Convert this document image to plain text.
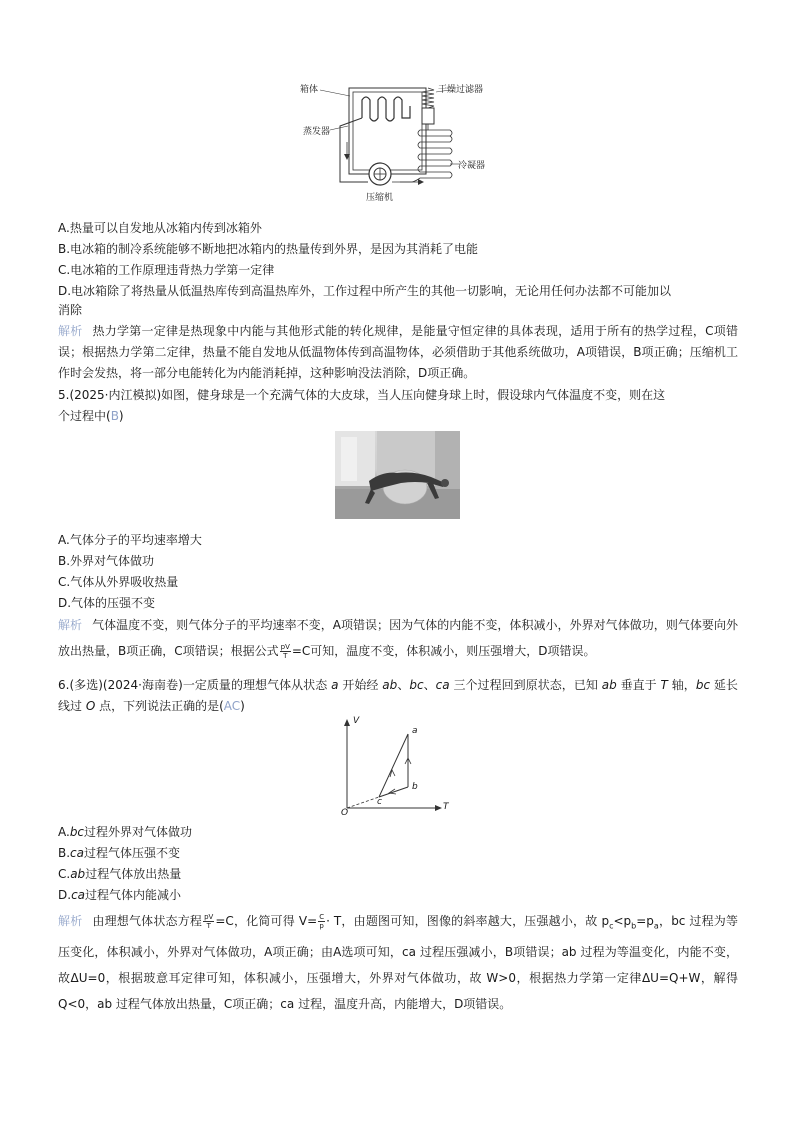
箱体	干燥过滤器
蒸发器
冷凝器
压缩机
A.热量可以自发地从冰箱内传到冰箱外
B.电冰箱的制冷系统能够不断地把冰箱内的热量传到外界，是因为其消耗了电能
C.电冰箱的工作原理违背热力学第一定律
D.电冰箱除了将热量从低温热库传到高温热库外，工作过程中所产生的其他一切影响，无论用任何办法都不可能加以
消除
解析 热力学第一定律是热现象中内能与其他形式能的转化规律，是能量守恒定律的具体表现，适用于所有的热学过程，C项错误；根据热力学第二定律，热量不能自发地从低温物体传到高温物体，必须借助于其他系统做功，A项错误，B项正确；压缩机工作时会发热，将一部分电能转化为内能消耗掉，这种影响没法消除，D项正确。
5.(2025·内江模拟)如图，健身球是一个充满气体的大皮球，当人压向健身球上时，假设球内气体温度不变，则在这
个过程中(B)
A.气体分子的平均速率增大
B.外界对气体做功
C.气体从外界吸收热量
D.气体的压强不变
解析 气体温度不变，则气体分子的平均速率不变，A项错误；因为气体的内能不变，体积减小，外界对气体做功，则气体要向外放出热量，B项正确，C项错误；根据公式 $\frac{pV}{T} =C$可知，温度不变，体积减小，则压强增大，D项错误。
6.(多选)(2024·海南卷)一定质量的理想气体从状态 a 开始经 ab、bc、ca 三个过程回到原状态，已知 ab 垂直于 T 轴，bc 延长线过 O 点，下列说法正确的是(AC)
V
T
O
a
b
c
A.bc过程外界对气体做功
B.ca过程气体压强不变
C.ab过程气体放出热量
D.ca过程气体内能减小
解析 由理想气体状态方程 $\frac{pV}{T} =C$，化简可得 $V= \frac{C}{p} \cdot T$，由题图可知，图像的斜率越大，压强越小，故 $p_c<p_b=p_a$，bc 过程为等压变化，体积减小，外界对气体做功，A项正确；由A选项可知，ca 过程压强减小，B项错误；ab 过程为等温变化，内能不变，故ΔU=0，根据玻意耳定律可知，体积减小，压强增大，外界对气体做功，故 W>0，根据热力学第一定律ΔU=Q+W，解得 Q<0，ab 过程气体放出热量，C项正确；ca 过程，温度升高，内能增大，D项错误。
